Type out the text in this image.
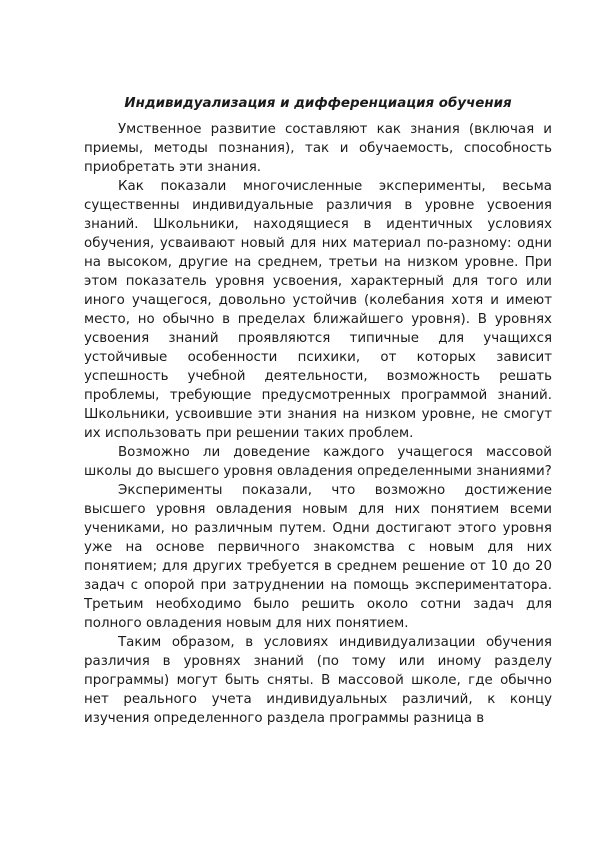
Индивидуализация и дифференциация обучения

Умственное развитие составляют как знания (включая и приемы, методы познания), так и обучаемость, способность приобретать эти знания.

Как показали многочисленные эксперименты, весьма существенны индивидуальные различия в уровне усвоения знаний. Школьники, находящиеся в идентичных условиях обучения, усваивают новый для них материал по-разному: одни на высоком, другие на среднем, третьи на низком уровне. При этом показатель уровня усвоения, характерный для того или иного учащегося, довольно устойчив (колебания хотя и имеют место, но обычно в пределах ближайшего уровня). В уровнях усвоения знаний проявляются типичные для учащихся устойчивые особенности психики, от которых зависит успешность учебной деятельности, возможность решать проблемы, требующие предусмотренных программой знаний. Школьники, усвоившие эти знания на низком уровне, не смогут их использовать при решении таких проблем.

Возможно ли доведение каждого учащегося массовой школы до высшего уровня овладения определенными знаниями?

Эксперименты показали, что возможно достижение высшего уровня овладения новым для них понятием всеми учениками, но различным путем. Одни достигают этого уровня уже на основе первичного знакомства с новым для них понятием; для других требуется в среднем решение от 10 до 20 задач с опорой при затруднении на помощь экспериментатора. Третьим необходимо было решить около сотни задач для полного овладения новым для них понятием.

Таким образом, в условиях индивидуализации обучения различия в уровнях знаний (по тому или иному разделу программы) могут быть сняты. В массовой школе, где обычно нет реального учета индивидуальных различий, к концу изучения определенного раздела программы разница в
